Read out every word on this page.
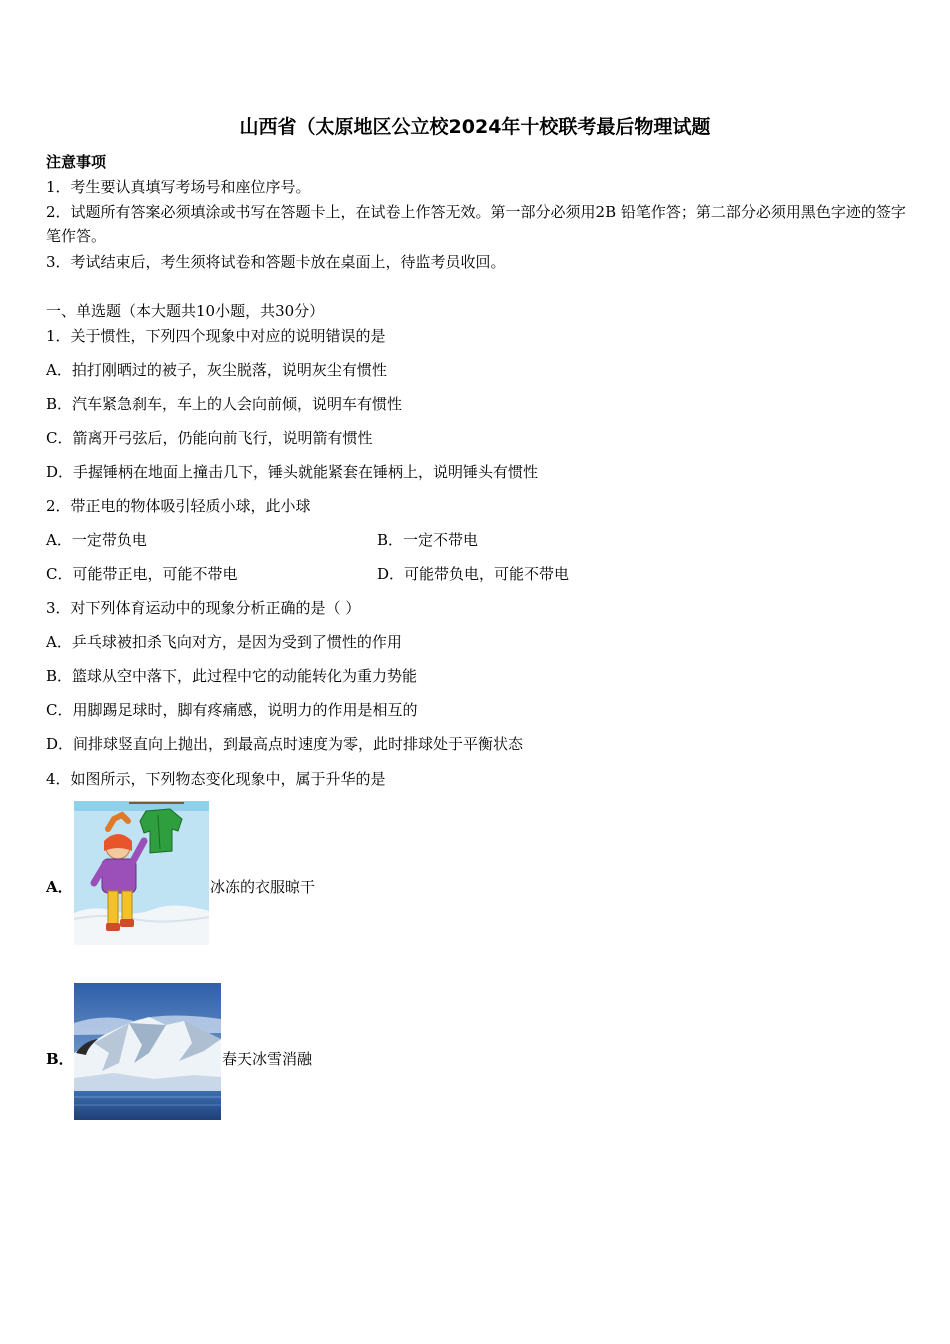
山西省（太原地区公立校2024年十校联考最后物理试题
注意事项
1．考生要认真填写考场号和座位序号。
2．试题所有答案必须填涂或书写在答题卡上，在试卷上作答无效。第一部分必须用2B 铅笔作答；第二部分必须用黑色字迹的签字笔作答。
3．考试结束后，考生须将试卷和答题卡放在桌面上，待监考员收回。
一、单选题（本大题共10小题，共30分）
1．关于惯性，下列四个现象中对应的说明错误的是
A．拍打刚晒过的被子，灰尘脱落，说明灰尘有惯性
B．汽车紧急刹车，车上的人会向前倾，说明车有惯性
C．箭离开弓弦后，仍能向前飞行，说明箭有惯性
D．手握锤柄在地面上撞击几下，锤头就能紧套在锤柄上，说明锤头有惯性
2．带正电的物体吸引轻质小球，此小球
A．一定带负电	B．一定不带电
C．可能带正电，可能不带电	D．可能带负电，可能不带电
3．对下列体育运动中的现象分析正确的是（ ）
A．乒乓球被扣杀飞向对方，是因为受到了惯性的作用
B．篮球从空中落下，此过程中它的动能转化为重力势能
C．用脚踢足球时，脚有疼痛感，说明力的作用是相互的
D．间排球竖直向上抛出，到最高点时速度为零，此时排球处于平衡状态
4．如图所示，下列物态变化现象中，属于升华的是
A．	冰冻的衣服晾干
B．	春天冰雪消融
